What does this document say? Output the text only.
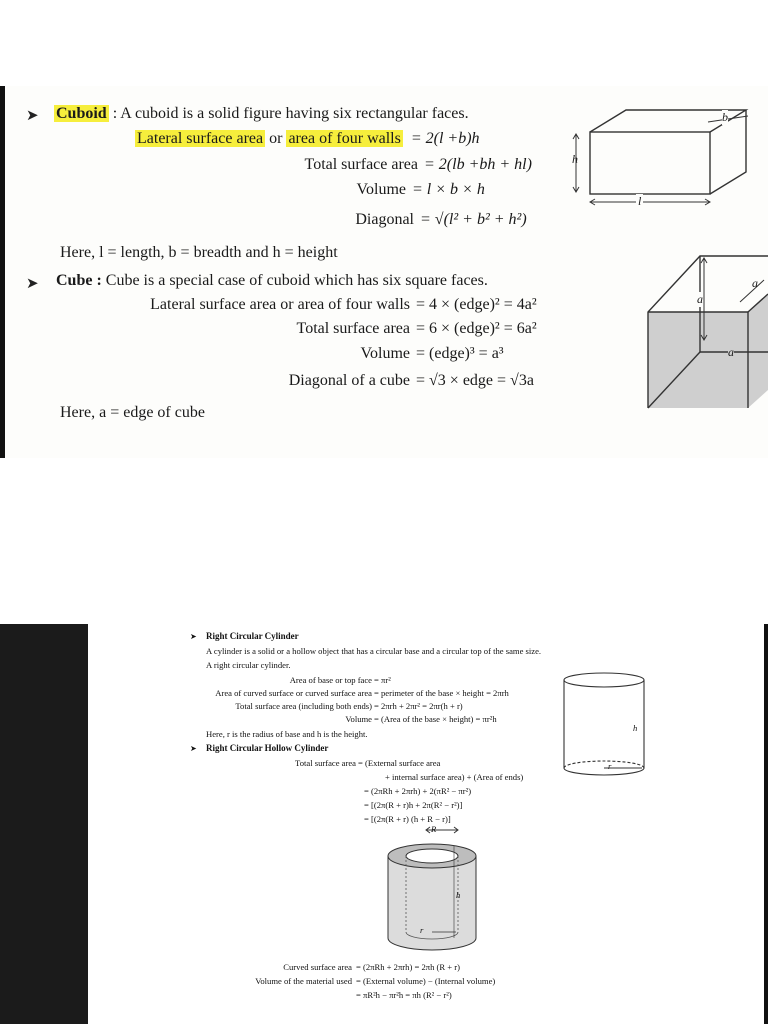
➤ Cuboid : A cuboid is a solid figure having six rectangular faces.
Lateral surface area or area of four walls = 2(l +b)h
Total surface area = 2(lb +bh + hl)
Volume = l × b × h
Diagonal = √(l² + b² + h²)
Here, l = length, b = breadth and h = height
h
l
b
➤ Cube : Cube is a special case of cuboid which has six square faces.
Lateral surface area or area of four walls = 4 × (edge)² = 4a²
Total surface area = 6 × (edge)² = 6a²
Volume = (edge)³ = a³
Diagonal of a cube = √3 × edge = √3a
Here, a = edge of cube
a
a
a
➤ Right Circular Cylinder
A cylinder is a solid or a hollow object that has a circular base and a circular top of the same size.
A right circular cylinder.
Area of base or top face = πr²
Area of curved surface or curved surface area = perimeter of the base × height = 2πrh
Total surface area (including both ends) = 2πrh + 2πr² = 2πr(h + r)
Volume = (Area of the base × height) = πr²h
Here, r is the radius of base and h is the height.
h
r
➤ Right Circular Hollow Cylinder
Total surface area = (External surface area
+ internal surface area) + (Area of ends)
= (2πRh + 2πrh) + 2(πR² − πr²)
= [(2π(R + r)h + 2π(R² − r²)]
= [(2π(R + r) (h + R − r)]
R
h
r
Curved surface area = (2πRh + 2πrh) = 2πh (R + r)
Volume of the material used = (External volume) − (Internal volume)
= πR²h − πr²h = πh (R² − r²)
